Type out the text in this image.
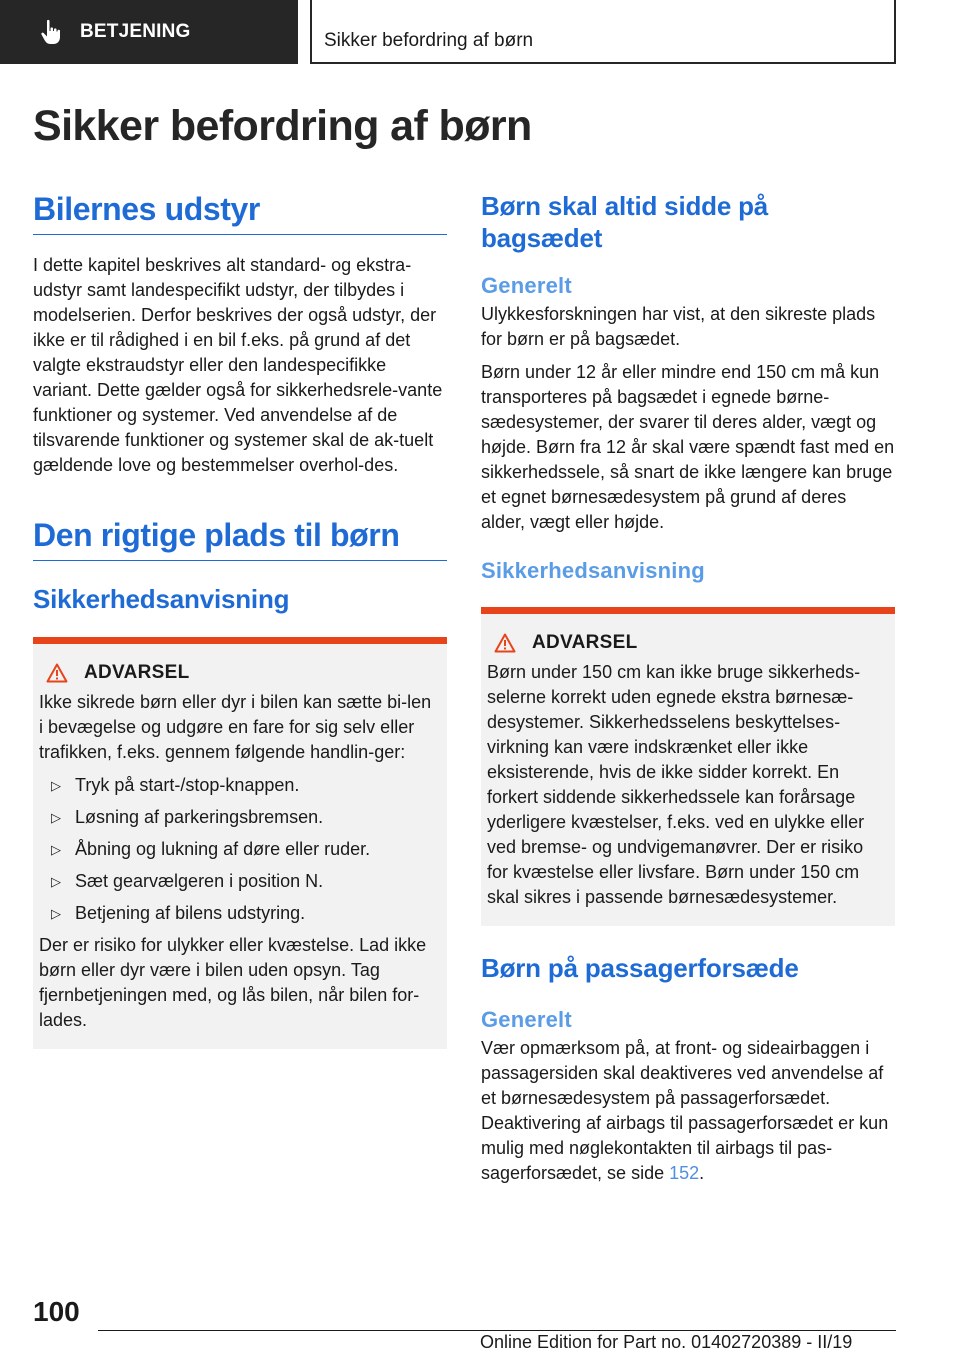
BETJENING	Sikker befordring af børn
Sikker befordring af børn
Bilernes udstyr

I dette kapitel beskrives alt standard- og ekstra-udstyr samt landespecifikt udstyr, der tilbydes i modelserien. Derfor beskrives der også udstyr, der ikke er til rådighed i en bil f.eks. på grund af det valgte ekstraudstyr eller den landespecifikke variant. Dette gælder også for sikkerhedsrele-vante funktioner og systemer. Ved anvendelse af de tilsvarende funktioner og systemer skal de ak-tuelt gældende love og bestemmelser overhol-des.

Den rigtige plads til børn
Sikkerhedsanvisning
ADVARSEL

Ikke sikrede børn eller dyr i bilen kan sætte bi-len i bevægelse og udgøre en fare for sig selv eller trafikken, f.eks. gennem følgende handlin-ger:

▷ Tryk på start-/stop-knappen.
▷ Løsning af parkeringsbremsen.
▷ Åbning og lukning af døre eller ruder.
▷ Sæt gearvælgeren i position N.
▷ Betjening af bilens udstyring.

Der er risiko for ulykker eller kvæstelse. Lad ikke børn eller dyr være i bilen uden opsyn. Tag fjernbetjeningen med, og lås bilen, når bilen for-lades.

Børn skal altid sidde på bagsædet
Generelt

Ulykkesforskningen har vist, at den sikreste plads for børn er på bagsædet.

Børn under 12 år eller mindre end 150 cm må kun transporteres på bagsædet i egnede børne-sædesystemer, der svarer til deres alder, vægt og højde. Børn fra 12 år skal være spændt fast med en sikkerhedssele, så snart de ikke længere kan bruge et egnet børnesædesystem på grund af deres alder, vægt eller højde.

Sikkerhedsanvisning
ADVARSEL

Børn under 150 cm kan ikke bruge sikkerheds-selerne korrekt uden egnede ekstra børnesæ-desystemer. Sikkerhedsselens beskyttelses-virkning kan være indskrænket eller ikke eksisterende, hvis de ikke sidder korrekt. En forkert siddende sikkerhedssele kan forårsage yderligere kvæstelser, f.eks. ved en ulykke eller ved bremse- og undvigemanøvrer. Der er risiko for kvæstelse eller livsfare. Børn under 150 cm skal sikres i passende børnesædesystemer.

Børn på passagerforsæde
Generelt

Vær opmærksom på, at front- og sideairbaggen i passagersiden skal deaktiveres ved anvendelse af et børnesædesystem på passagerforsædet. Deaktivering af airbags til passagerforsædet er kun mulig med nøglekontakten til airbags til pas-sagerforsædet, se side 152.

100
Online Edition for Part no. 01402720389 - II/19
